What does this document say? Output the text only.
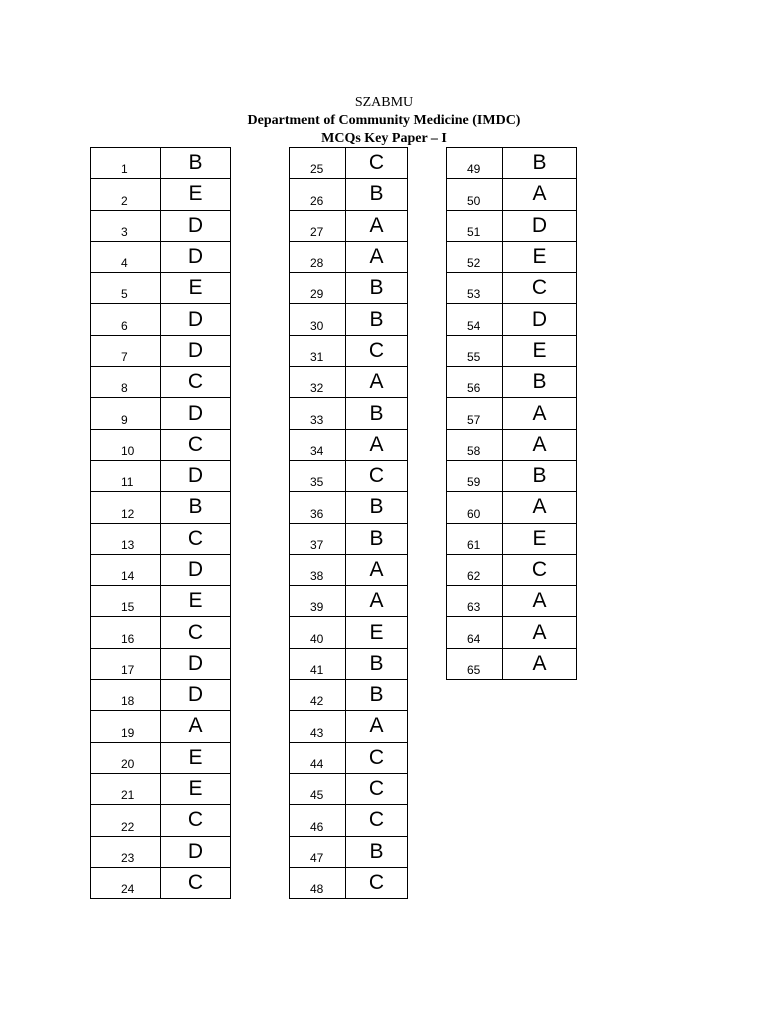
SZABMU
Department of Community Medicine (IMDC)
MCQs Key Paper – I
1	B
2	E
3	D
4	D
5	E
6	D
7	D
8	C
9	D
10	C
11	D
12	B
13	C
14	D
15	E
16	C
17	D
18	D
19	A
20	E
21	E
22	C
23	D
24	C
25	C
26	B
27	A
28	A
29	B
30	B
31	C
32	A
33	B
34	A
35	C
36	B
37	B
38	A
39	A
40	E
41	B
42	B
43	A
44	C
45	C
46	C
47	B
48	C
49	B
50	A
51	D
52	E
53	C
54	D
55	E
56	B
57	A
58	A
59	B
60	A
61	E
62	C
63	A
64	A
65	A
